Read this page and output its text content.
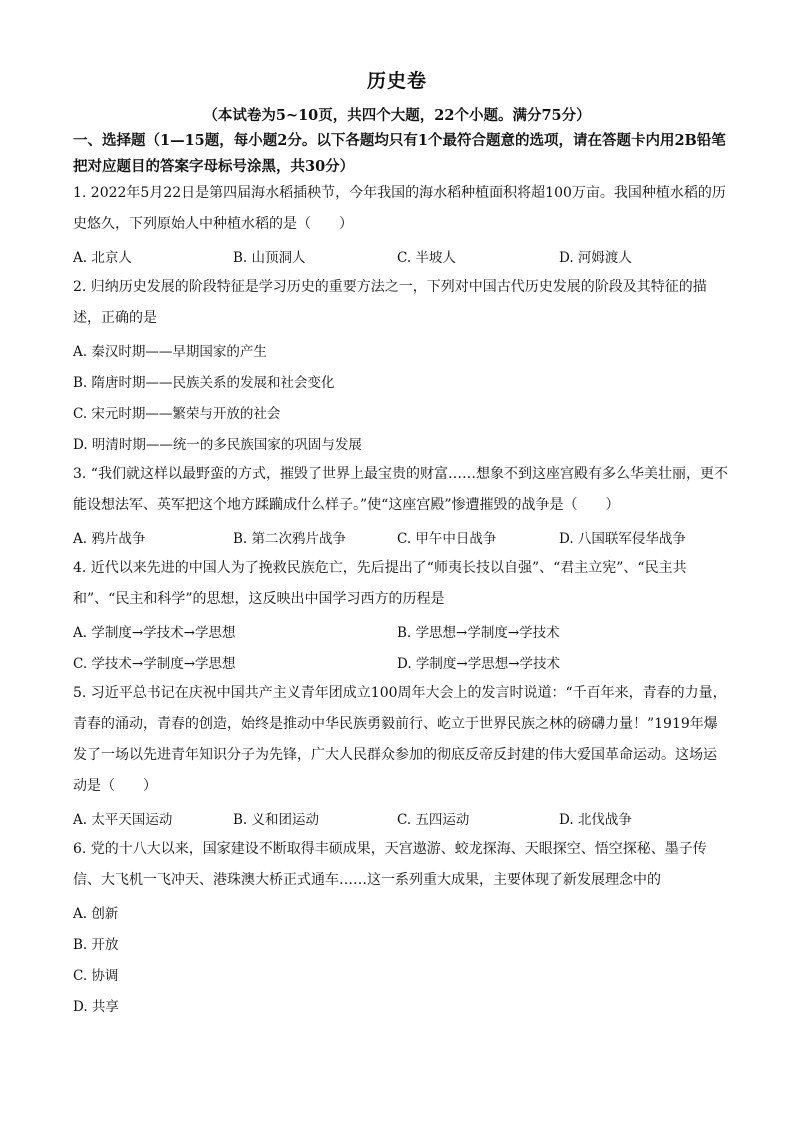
历史卷
（本试卷为5~10页，共四个大题，22个小题。满分75分）
一、选择题（1—15题，每小题2分。以下各题均只有1个最符合题意的选项，请在答题卡内用2B铅笔把对应题目的答案字母标号涂黑，共30分）
1. 2022年5月22日是第四届海水稻插秧节，今年我国的海水稻种植面积将超100万亩。我国种植水稻的历史悠久，下列原始人中种植水稻的是（　　）
A. 北京人	B. 山顶洞人	C. 半坡人	D. 河姆渡人
2. 归纳历史发展的阶段特征是学习历史的重要方法之一，下列对中国古代历史发展的阶段及其特征的描述，正确的是
A. 秦汉时期——早期国家的产生
B. 隋唐时期——民族关系的发展和社会变化
C. 宋元时期——繁荣与开放的社会
D. 明清时期——统一的多民族国家的巩固与发展
3. “我们就这样以最野蛮的方式，摧毁了世界上最宝贵的财富……想象不到这座宫殿有多么华美壮丽，更不能设想法军、英军把这个地方蹂躏成什么样子。”使“这座宫殿”惨遭摧毁的战争是（　　）
A. 鸦片战争	B. 第二次鸦片战争	C. 甲午中日战争	D. 八国联军侵华战争
4. 近代以来先进的中国人为了挽救民族危亡，先后提出了“师夷长技以自强”、“君主立宪”、“民主共和”、“民主和科学”的思想，这反映出中国学习西方的历程是
A. 学制度→学技术→学思想	B. 学思想→学制度→学技术
C. 学技术→学制度→学思想	D. 学制度→学思想→学技术
5. 习近平总书记在庆祝中国共产主义青年团成立100周年大会上的发言时说道：“千百年来，青春的力量，青春的涌动，青春的创造，始终是推动中华民族勇毅前行、屹立于世界民族之林的磅礴力量！”1919年爆发了一场以先进青年知识分子为先锋，广大人民群众参加的彻底反帝反封建的伟大爱国革命运动。这场运动是（　　）
A. 太平天国运动	B. 义和团运动	C. 五四运动	D. 北伐战争
6. 党的十八大以来，国家建设不断取得丰硕成果，天宫遨游、蛟龙探海、天眼探空、悟空探秘、墨子传信、大飞机一飞冲天、港珠澳大桥正式通车……这一系列重大成果，主要体现了新发展理念中的
A. 创新
B. 开放
C. 协调
D. 共享
